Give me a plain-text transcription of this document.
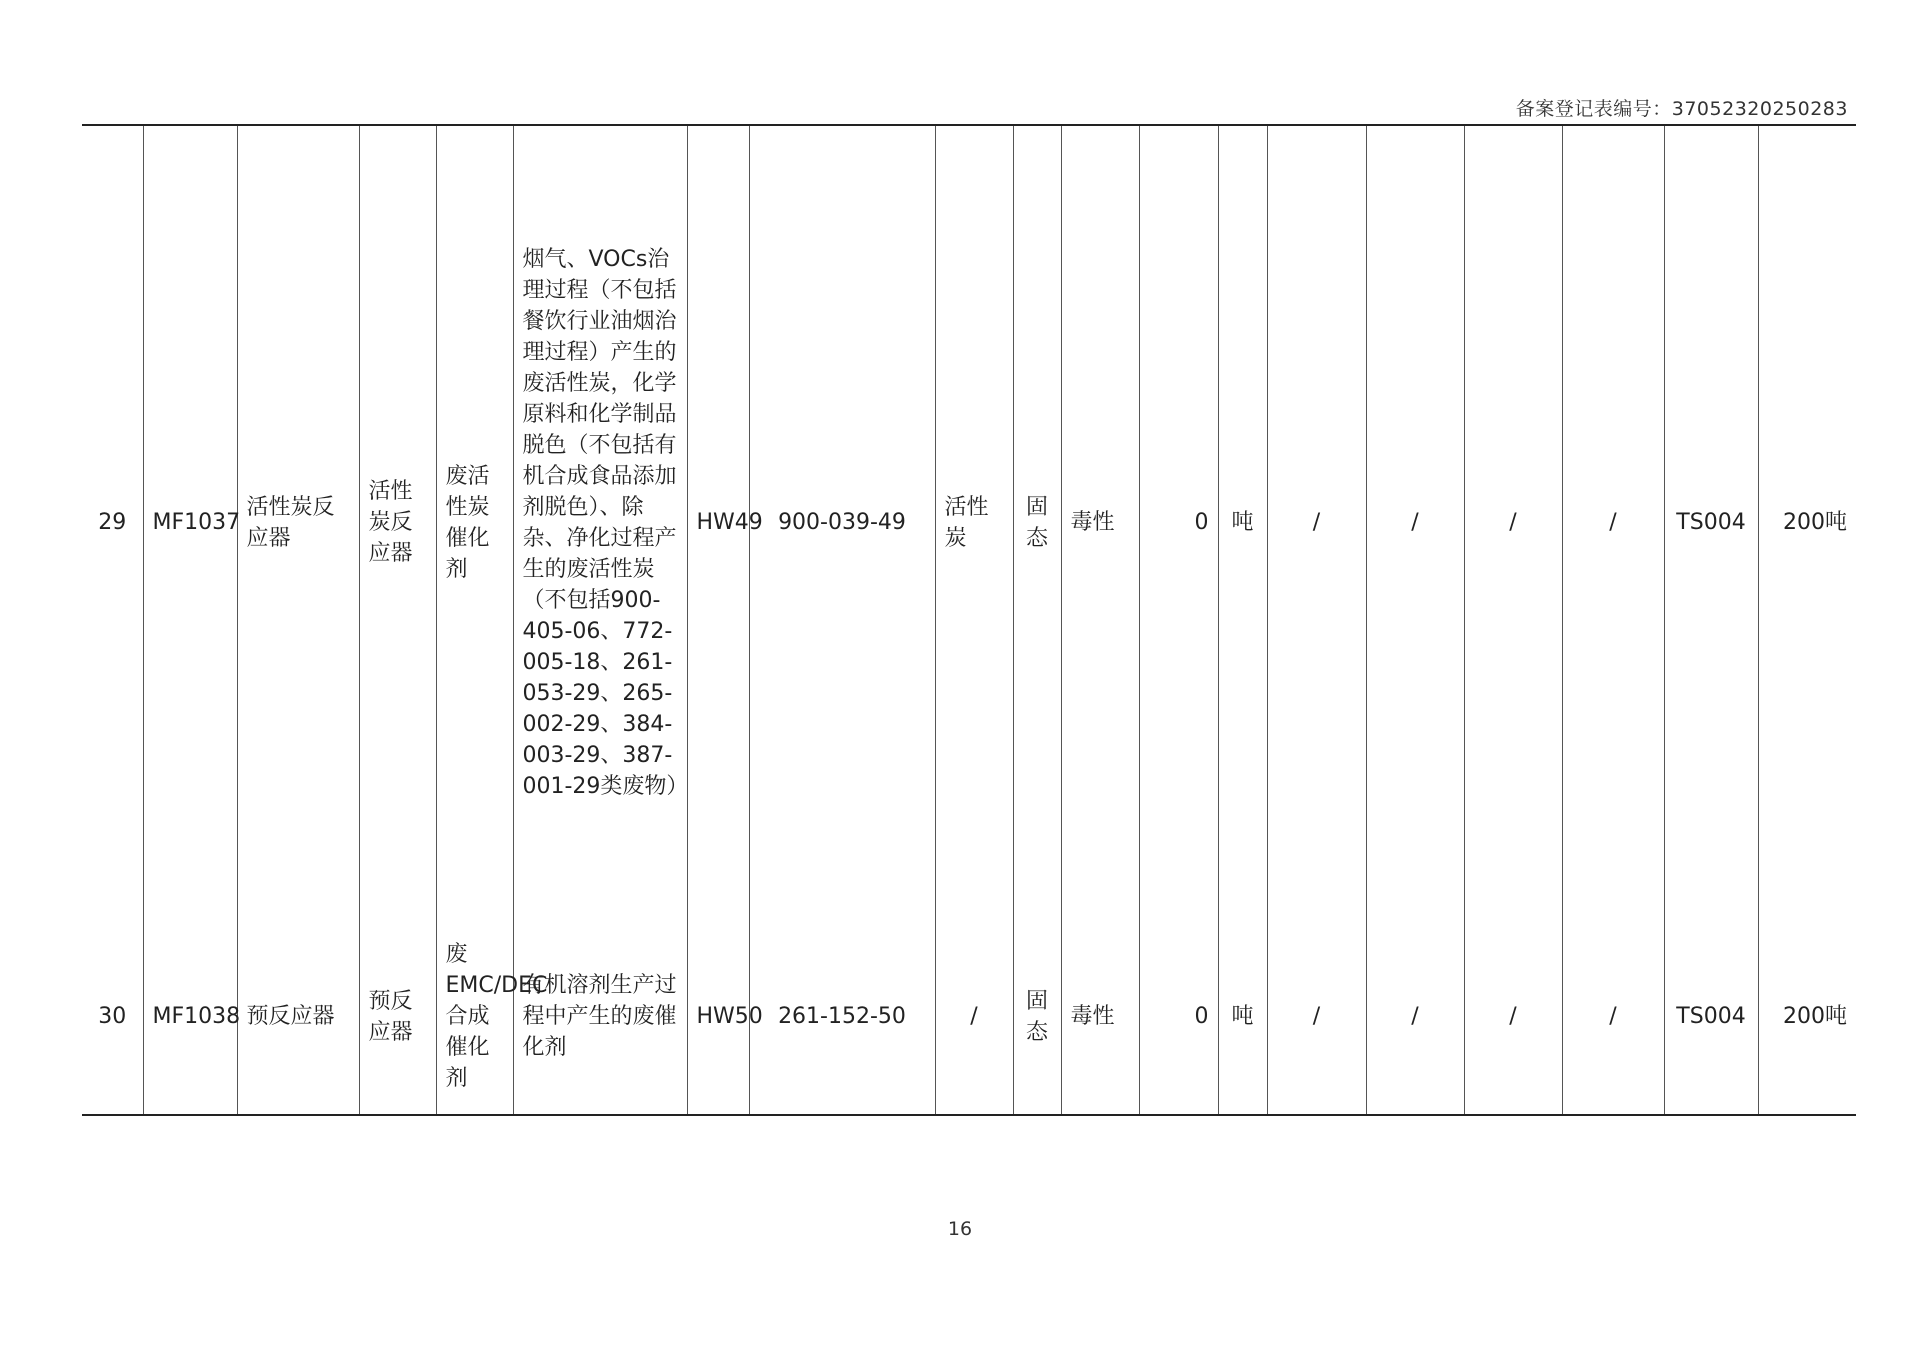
备案登记表编号：370523202502​83
29	MF1037	活性炭反应器	活性炭反应器	废活性炭催化剂	烟气、VOCs治理过程（不包括餐饮行业油烟治理过程）产生的废活性炭，化学原料和化学制品脱色（不包括有机合成食品添加剂脱色）、除杂、净化过程产生的废活性炭（不包括900-405-06、772-005-18、261-053-29、265-002-29、384-003-29、387-001-29类废物）	HW49	900-039-49	活性炭	固态	毒性	0	吨	/	/	/	/	TS004	200吨
30	MF1038	预反应器	预反应器	废EMC/DEC合成催化剂	有机溶剂生产过程中产生的废催化剂	HW50	261-152-50	/	固态	毒性	0	吨	/	/	/	/	TS004	200吨
16
